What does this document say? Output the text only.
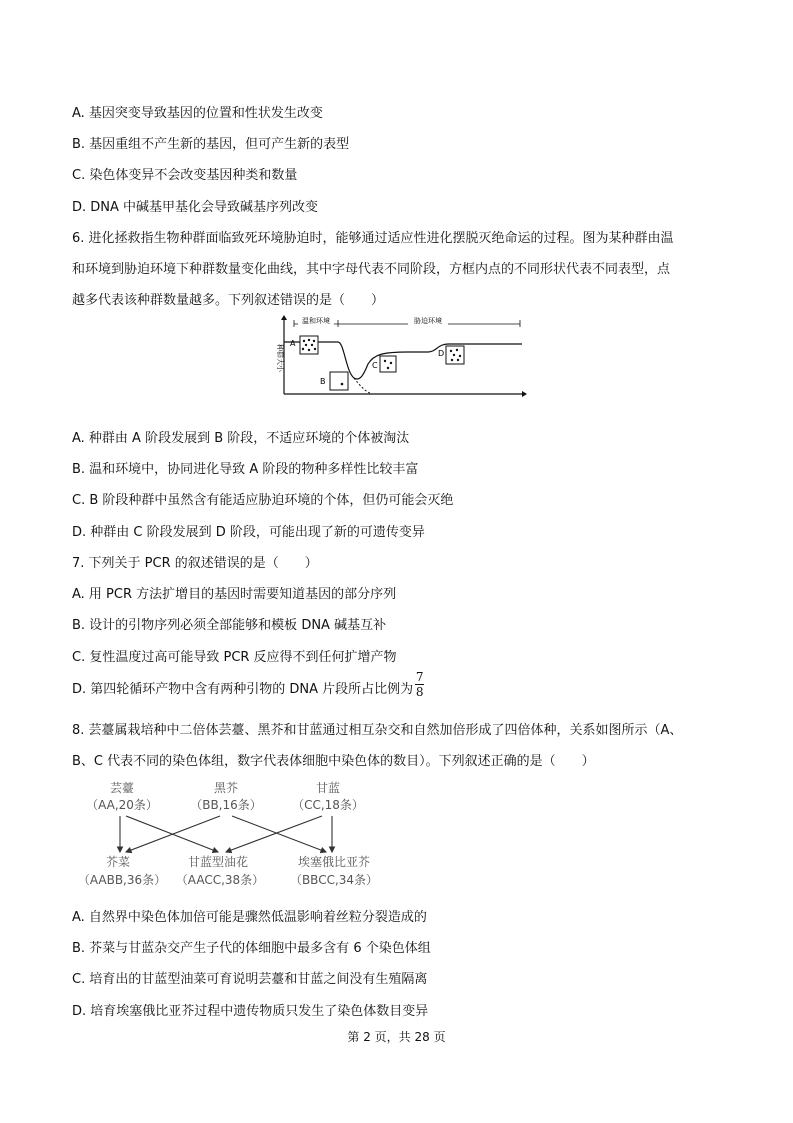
A. 基因突变导致基因的位置和性状发生改变
B. 基因重组不产生新的基因，但可产生新的表型
C. 染色体变异不会改变基因种类和数量
D. DNA 中碱基甲基化会导致碱基序列改变
6. 进化拯救指生物种群面临致死环境胁迫时，能够通过适应性进化摆脱灭绝命运的过程。图为某种群由温
和环境到胁迫环境下种群数量变化曲线，其中字母代表不同阶段，方框内点的不同形状代表不同表型，点
越多代表该种群数量越多。下列叙述错误的是（　　）
温和环境	胁迫环境
种群大小
A
B
C
D
A. 种群由 A 阶段发展到 B 阶段，不适应环境的个体被淘汰
B. 温和环境中，协同进化导致 A 阶段的物种多样性比较丰富
C. B 阶段种群中虽然含有能适应胁迫环境的个体，但仍可能会灭绝
D. 种群由 C 阶段发展到 D 阶段，可能出现了新的可遗传变异
7. 下列关于 PCR 的叙述错误的是（　　）
A. 用 PCR 方法扩增目的基因时需要知道基因的部分序列
B. 设计的引物序列必须全部能够和模板 DNA 碱基互补
C. 复性温度过高可能导致 PCR 反应得不到任何扩增产物
D. 第四轮循环产物中含有两种引物的 DNA 片段所占比例为 $\frac{7}{8}$
8. 芸薹属栽培种中二倍体芸薹、黑芥和甘蓝通过相互杂交和自然加倍形成了四倍体种，关系如图所示（A、
B、C 代表不同的染色体组，数字代表体细胞中染色体的数目）。下列叙述正确的是（　　）
芸薹
（AA,20条）
黑芥
（BB,16条）
甘蓝
（CC,18条）
芥菜
（AABB,36条）
甘蓝型油花
（AACC,38条）
埃塞俄比亚芥
（BBCC,34条）
A. 自然界中染色体加倍可能是骤然低温影响着丝粒分裂造成的
B. 芥菜与甘蓝杂交产生子代的体细胞中最多含有 6 个染色体组
C. 培育出的甘蓝型油菜可育说明芸薹和甘蓝之间没有生殖隔离
D. 培育埃塞俄比亚芥过程中遗传物质只发生了染色体数目变异
第 2 页，共 28 页
